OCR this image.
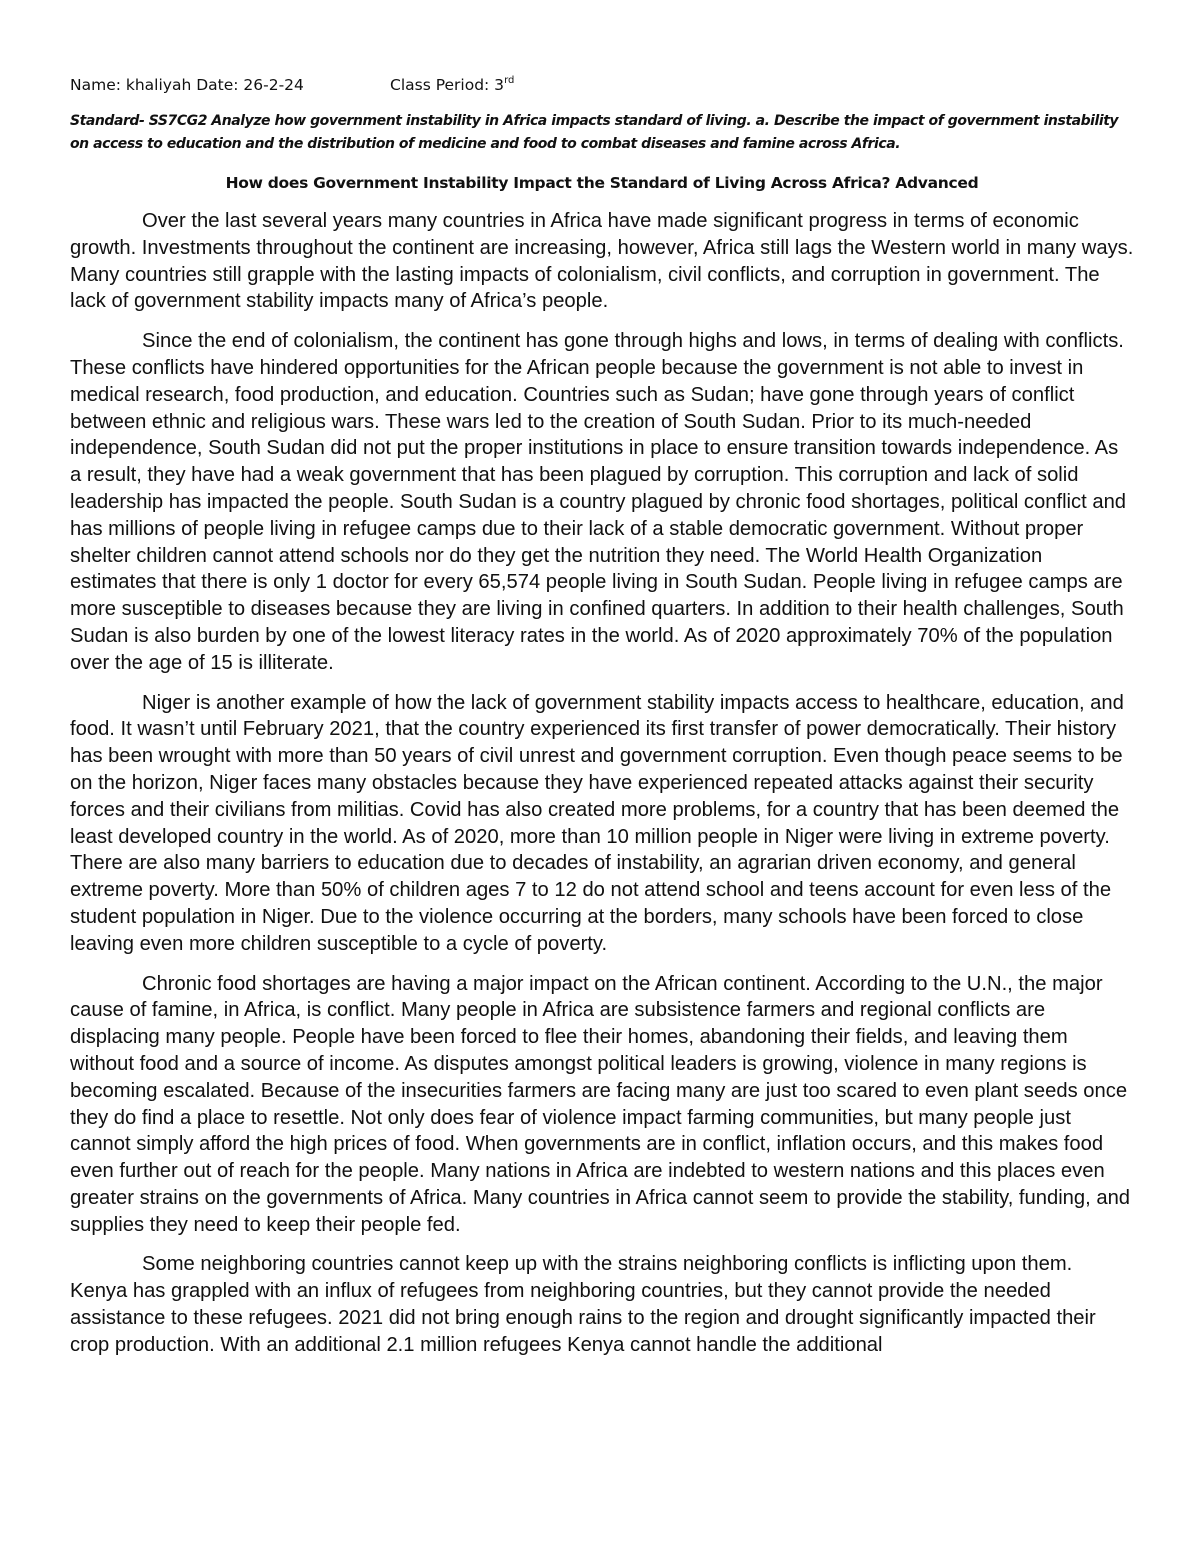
Name: khaliyah Date: 26-2-24	Class Period: 3rd
Standard- SS7CG2 Analyze how government instability in Africa impacts standard of living. a. Describe the impact of government instability on access to education and the distribution of medicine and food to combat diseases and famine across Africa.
How does Government Instability Impact the Standard of Living Across Africa? Advanced

Over the last several years many countries in Africa have made significant progress in terms of economic growth. Investments throughout the continent are increasing, however, Africa still lags the Western world in many ways. Many countries still grapple with the lasting impacts of colonialism, civil conflicts, and corruption in government. The lack of government stability impacts many of Africa’s people.

Since the end of colonialism, the continent has gone through highs and lows, in terms of dealing with conflicts. These conflicts have hindered opportunities for the African people because the government is not able to invest in medical research, food production, and education. Countries such as Sudan; have gone through years of conflict between ethnic and religious wars. These wars led to the creation of South Sudan. Prior to its much-needed independence, South Sudan did not put the proper institutions in place to ensure transition towards independence. As a result, they have had a weak government that has been plagued by corruption. This corruption and lack of solid leadership has impacted the people. South Sudan is a country plagued by chronic food shortages, political conflict and has millions of people living in refugee camps due to their lack of a stable democratic government. Without proper shelter children cannot attend schools nor do they get the nutrition they need. The World Health Organization estimates that there is only 1 doctor for every 65,574 people living in South Sudan. People living in refugee camps are more susceptible to diseases because they are living in confined quarters. In addition to their health challenges, South Sudan is also burden by one of the lowest literacy rates in the world. As of 2020 approximately 70% of the population over the age of 15 is illiterate.

Niger is another example of how the lack of government stability impacts access to healthcare, education, and food. It wasn’t until February 2021, that the country experienced its first transfer of power democratically. Their history has been wrought with more than 50 years of civil unrest and government corruption. Even though peace seems to be on the horizon, Niger faces many obstacles because they have experienced repeated attacks against their security forces and their civilians from militias. Covid has also created more problems, for a country that has been deemed the least developed country in the world. As of 2020, more than 10 million people in Niger were living in extreme poverty. There are also many barriers to education due to decades of instability, an agrarian driven economy, and general extreme poverty. More than 50% of children ages 7 to 12 do not attend school and teens account for even less of the student population in Niger. Due to the violence occurring at the borders, many schools have been forced to close leaving even more children susceptible to a cycle of poverty.

Chronic food shortages are having a major impact on the African continent. According to the U.N., the major cause of famine, in Africa, is conflict. Many people in Africa are subsistence farmers and regional conflicts are displacing many people. People have been forced to flee their homes, abandoning their fields, and leaving them without food and a source of income. As disputes amongst political leaders is growing, violence in many regions is becoming escalated. Because of the insecurities farmers are facing many are just too scared to even plant seeds once they do find a place to resettle. Not only does fear of violence impact farming communities, but many people just cannot simply afford the high prices of food. When governments are in conflict, inflation occurs, and this makes food even further out of reach for the people. Many nations in Africa are indebted to western nations and this places even greater strains on the governments of Africa. Many countries in Africa cannot seem to provide the stability, funding, and supplies they need to keep their people fed.

Some neighboring countries cannot keep up with the strains neighboring conflicts is inflicting upon them. Kenya has grappled with an influx of refugees from neighboring countries, but they cannot provide the needed assistance to these refugees. 2021 did not bring enough rains to the region and drought significantly impacted their crop production. With an additional 2.1 million refugees Kenya cannot handle the additional
